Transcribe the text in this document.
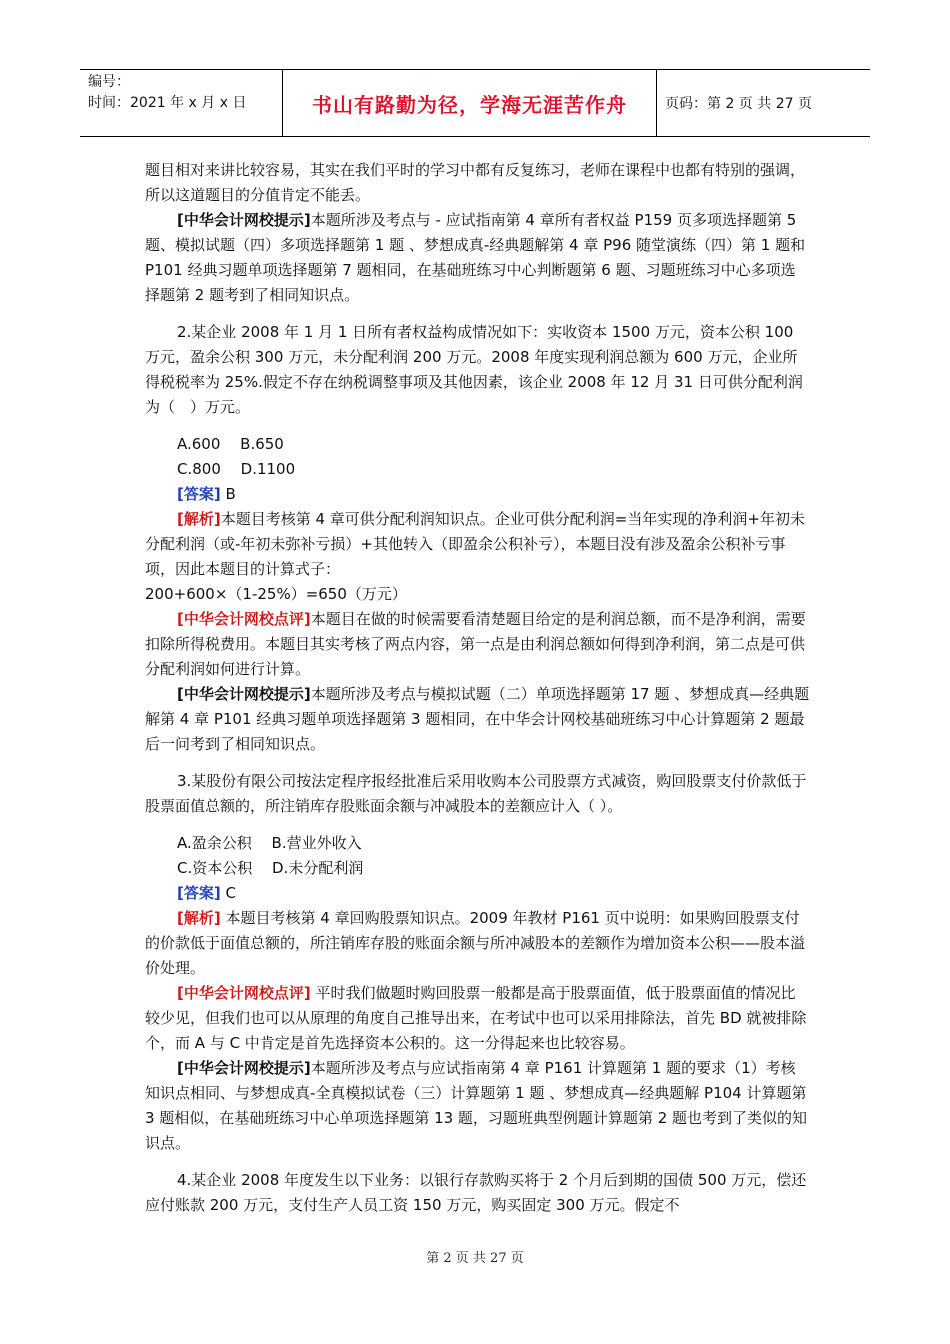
编号：
时间：2021 年 x 月 x 日	书山有路勤为径，学海无涯苦作舟	页码：第 2 页 共 27 页

题目相对来讲比较容易，其实在我们平时的学习中都有反复练习，老师在课程中也都有特别的强调，所以这道题目的分值肯定不能丢。

[中华会计网校提示]本题所涉及考点与 - 应试指南第 4 章所有者权益 P159 页多项选择题第 5 题、模拟试题（四）多项选择题第 1 题 、梦想成真-经典题解第 4 章 P96 随堂演练（四）第 1 题和 P101 经典习题单项选择题第 7 题相同，在基础班练习中心判断题第 6 题、习题班练习中心多项选择题第 2 题考到了相同知识点。

2.某企业 2008 年 1 月 1 日所有者权益构成情况如下：实收资本 1500 万元，资本公积 100 万元，盈余公积 300 万元，未分配利润 200 万元。2008 年度实现利润总额为 600 万元，企业所得税税率为 25%.假定不存在纳税调整事项及其他因素，该企业 2008 年 12 月 31 日可供分配利润为（　）万元。

A.600　 B.650

C.800　 D.1100

[答案] B

[解析]本题目考核第 4 章可供分配利润知识点。企业可供分配利润=当年实现的净利润+年初未分配利润（或-年初未弥补亏损）+其他转入（即盈余公积补亏），本题目没有涉及盈余公积补亏事项，因此本题目的计算式子：

200+600×（1-25%）=650（万元）

[中华会计网校点评]本题目在做的时候需要看清楚题目给定的是利润总额，而不是净利润，需要扣除所得税费用。本题目其实考核了两点内容，第一点是由利润总额如何得到净利润，第二点是可供分配利润如何进行计算。

[中华会计网校提示]本题所涉及考点与模拟试题（二）单项选择题第 17 题 、梦想成真—经典题解第 4 章 P101 经典习题单项选择题第 3 题相同，在中华会计网校基础班练习中心计算题第 2 题最后一问考到了相同知识点。

3.某股份有限公司按法定程序报经批准后采用收购本公司股票方式减资，购回股票支付价款低于股票面值总额的，所注销库存股账面余额与冲减股本的差额应计入（ ）。

A.盈余公积　 B.营业外收入

C.资本公积　 D.未分配利润

[答案] C

[解析] 本题目考核第 4 章回购股票知识点。2009 年教材 P161 页中说明：如果购回股票支付的价款低于面值总额的，所注销库存股的账面余额与所冲减股本的差额作为增加资本公积——股本溢价处理。

[中华会计网校点评] 平时我们做题时购回股票一般都是高于股票面值，低于股票面值的情况比较少见，但我们也可以从原理的角度自己推导出来，在考试中也可以采用排除法，首先 BD 就被排除个，而 A 与 C 中肯定是首先选择资本公积的。这一分得起来也比较容易。

[中华会计网校提示]本题所涉及考点与应试指南第 4 章 P161 计算题第 1 题的要求（1）考核知识点相同、与梦想成真-全真模拟试卷（三）计算题第 1 题 、梦想成真—经典题解 P104 计算题第 3 题相似，在基础班练习中心单项选择题第 13 题，习题班典型例题计算题第 2 题也考到了类似的知识点。

4.某企业 2008 年度发生以下业务：以银行存款购买将于 2 个月后到期的国债 500 万元，偿还应付账款 200 万元，支付生产人员工资 150 万元，购买固定 300 万元。假定不

第 2 页 共 27 页
